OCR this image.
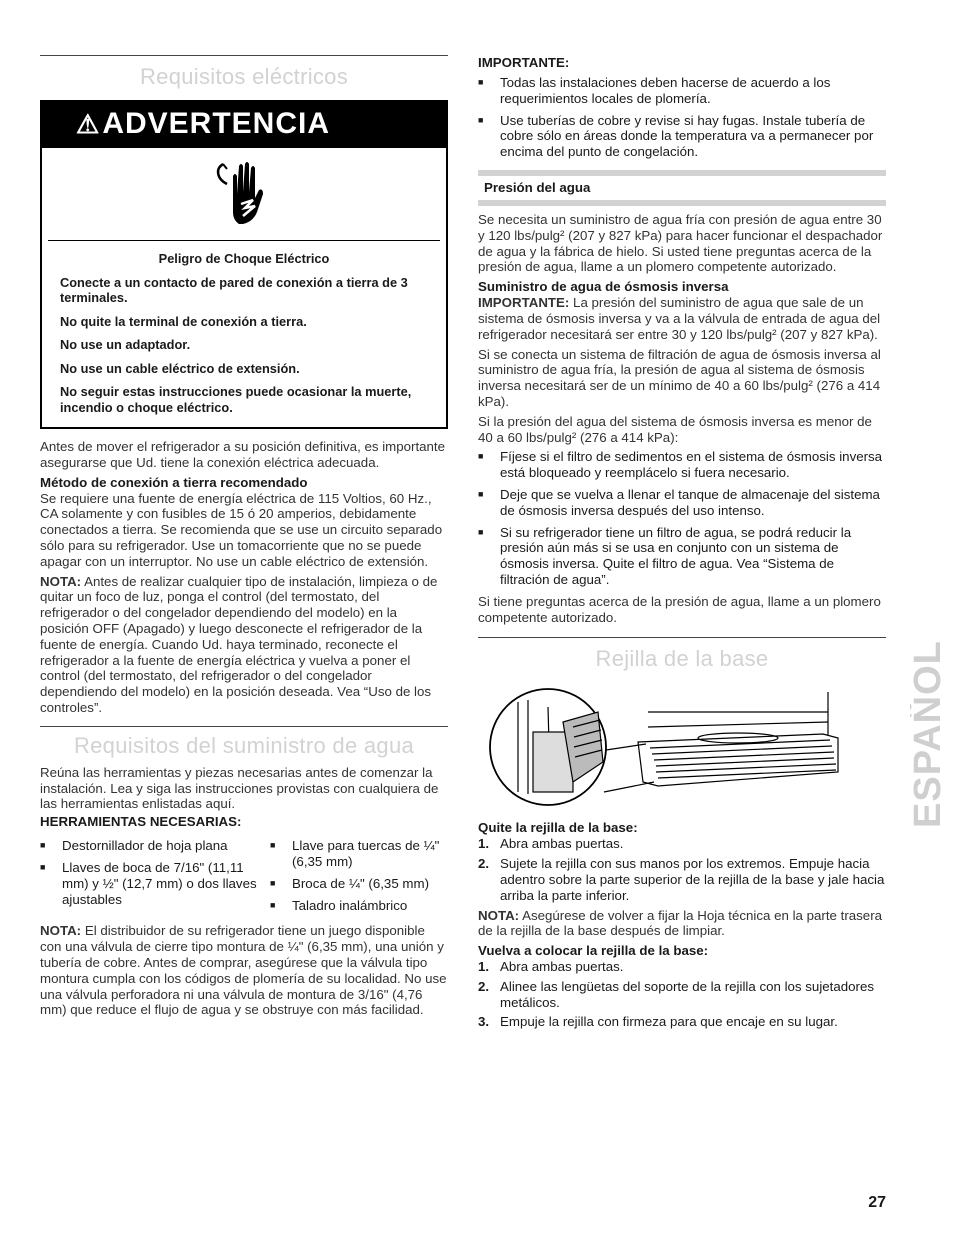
Requisitos eléctricos
⚠ADVERTENCIA

Peligro de Choque Eléctrico

Conecte a un contacto de pared de conexión a tierra de 3 terminales.

No quite la terminal de conexión a tierra.

No use un adaptador.

No use un cable eléctrico de extensión.

No seguir estas instrucciones puede ocasionar la muerte, incendio o choque eléctrico.

Antes de mover el refrigerador a su posición definitiva, es importante asegurarse que Ud. tiene la conexión eléctrica adecuada.

Método de conexión a tierra recomendado

Se requiere una fuente de energía eléctrica de 115 Voltios, 60 Hz., CA solamente y con fusibles de 15 ó 20 amperios, debidamente conectados a tierra. Se recomienda que se use un circuito separado sólo para su refrigerador. Use un tomacorriente que no se puede apagar con un interruptor. No use un cable eléctrico de extensión.

NOTA: Antes de realizar cualquier tipo de instalación, limpieza o de quitar un foco de luz, ponga el control (del termostato, del refrigerador o del congelador dependiendo del modelo) en la posición OFF (Apagado) y luego desconecte el refrigerador de la fuente de energía. Cuando Ud. haya terminado, reconecte el refrigerador a la fuente de energía eléctrica y vuelva a poner el control (del termostato, del refrigerador o del congelador dependiendo del modelo) en la posición deseada. Vea “Uso de los controles”.

Requisitos del suministro de agua

Reúna las herramientas y piezas necesarias antes de comenzar la instalación. Lea y siga las instrucciones provistas con cualquiera de las herramientas enlistadas aquí.

HERRAMIENTAS NECESARIAS:

■ Destornillador de hoja plana
■ Llaves de boca de 7/16" (11,11 mm) y ½" (12,7 mm) o dos llaves ajustables
■ Llave para tuercas de ¼" (6,35 mm)
■ Broca de ¼" (6,35 mm)
■ Taladro inalámbrico

NOTA: El distribuidor de su refrigerador tiene un juego disponible con una válvula de cierre tipo montura de ¼" (6,35 mm), una unión y tubería de cobre. Antes de comprar, asegúrese que la válvula tipo montura cumpla con los códigos de plomería de su localidad. No use una válvula perforadora ni una válvula de montura de 3/16" (4,76 mm) que reduce el flujo de agua y se obstruye con más facilidad.

IMPORTANTE:

■ Todas las instalaciones deben hacerse de acuerdo a los requerimientos locales de plomería.
■ Use tuberías de cobre y revise si hay fugas. Instale tubería de cobre sólo en áreas donde la temperatura va a permanecer por encima del punto de congelación.

Presión del agua

Se necesita un suministro de agua fría con presión de agua entre 30 y 120 lbs/pulg² (207 y 827 kPa) para hacer funcionar el despachador de agua y la fábrica de hielo. Si usted tiene preguntas acerca de la presión de agua, llame a un plomero competente autorizado.

Suministro de agua de ósmosis inversa

IMPORTANTE: La presión del suministro de agua que sale de un sistema de ósmosis inversa y va a la válvula de entrada de agua del refrigerador necesitará ser entre 30 y 120 lbs/pulg² (207 y 827 kPa).

Si se conecta un sistema de filtración de agua de ósmosis inversa al suministro de agua fría, la presión de agua al sistema de ósmosis inversa necesitará ser de un mínimo de 40 a 60 lbs/pulg² (276 a 414 kPa).

Si la presión del agua del sistema de ósmosis inversa es menor de 40 a 60 lbs/pulg² (276 a 414 kPa):

■ Fíjese si el filtro de sedimentos en el sistema de ósmosis inversa está bloqueado y reemplácelo si fuera necesario.
■ Deje que se vuelva a llenar el tanque de almacenaje del sistema de ósmosis inversa después del uso intenso.
■ Si su refrigerador tiene un filtro de agua, se podrá reducir la presión aún más si se usa en conjunto con un sistema de ósmosis inversa. Quite el filtro de agua. Vea “Sistema de filtración de agua”.

Si tiene preguntas acerca de la presión de agua, llame a un plomero competente autorizado.

Rejilla de la base

Quite la rejilla de la base:

1. Abra ambas puertas.
2. Sujete la rejilla con sus manos por los extremos. Empuje hacia adentro sobre la parte superior de la rejilla de la base y jale hacia arriba la parte inferior.

NOTA: Asegúrese de volver a fijar la Hoja técnica en la parte trasera de la rejilla de la base después de limpiar.

Vuelva a colocar la rejilla de la base:

1. Abra ambas puertas.
2. Alinee las lengüetas del soporte de la rejilla con los sujetadores metálicos.
3. Empuje la rejilla con firmeza para que encaje en su lugar.
ESPAÑOL
27
